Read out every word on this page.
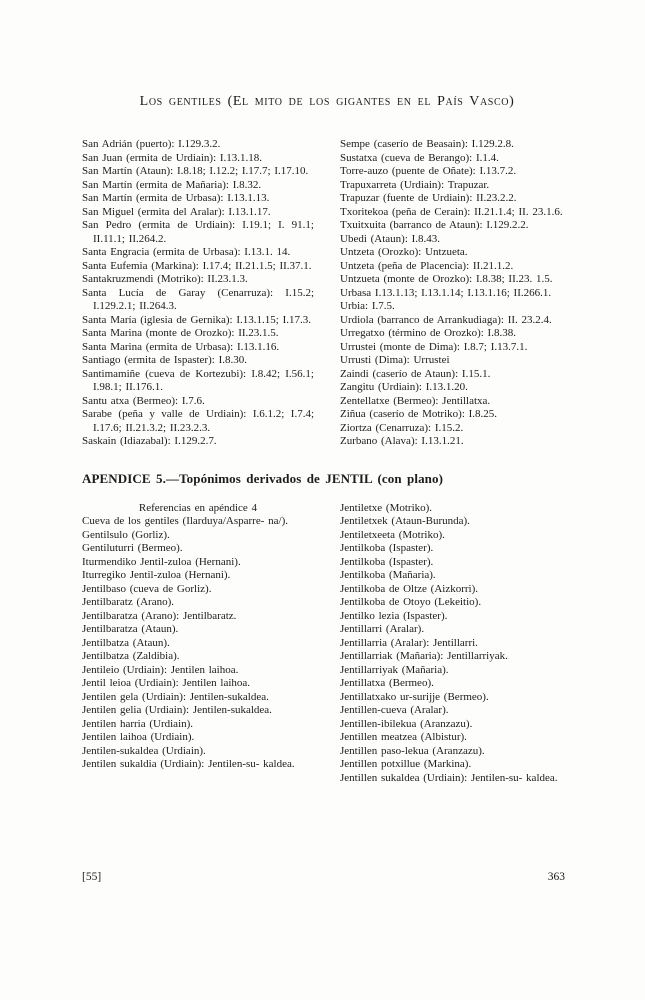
Los gentiles (El mito de los gigantes en el País Vasco)

San Adrián (puerto): I.129.3.2.

San Juan (ermita de Urdiain): I.13.1.18.

San Martín (Ataun): I.8.18; I.12.2; I.17.7; I.17.10.

San Martín (ermita de Mañaria): I.8.32.

San Martín (ermita de Urbasa): I.13.1.13.

San Miguel (ermita del Aralar): I.13.1.17.

San Pedro (ermita de Urdiain): I.19.1; I. 91.1; II.11.1; II.264.2.

Santa Engracia (ermita de Urbasa): I.13.1. 14.

Santa Eufemia (Markina): I.17.4; II.21.1.5; II.37.1.

Santakruzmendi (Motriko): II.23.1.3.

Santa Lucía de Garay (Cenarruza): I.15.2; I.129.2.1; II.264.3.

Santa María (iglesia de Gernika): I.13.1.15; I.17.3.

Santa Marina (monte de Orozko): II.23.1.5.

Santa Marina (ermita de Urbasa): I.13.1.16.

Santiago (ermita de Ispaster): I.8.30.

Santimamiñe (cueva de Kortezubi): I.8.42; I.56.1; I.98.1; II.176.1.

Santu atxa (Bermeo): I.7.6.

Sarabe (peña y valle de Urdiain): I.6.1.2; I.7.4; I.17.6; II.21.3.2; II.23.2.3.

Saskain (Idiazabal): I.129.2.7.

Sempe (caserío de Beasain): I.129.2.8.

Sustatxa (cueva de Berango): I.1.4.

Torre-auzo (puente de Oñate): I.13.7.2.

Trapuxarreta (Urdiain): Trapuzar.

Trapuzar (fuente de Urdiain): II.23.2.2.

Txoritekoa (peña de Cerain): II.21.1.4; II. 23.1.6.

Txuitxuita (barranco de Ataun): I.129.2.2.

Ubedi (Ataun): I.8.43.

Untzeta (Orozko): Untzueta.

Untzeta (peña de Placencia): II.21.1.2.

Untzueta (monte de Orozko): I.8.38; II.23. 1.5.

Urbasa I.13.1.13; I.13.1.14; I.13.1.16; II.266.1.

Urbia: I.7.5.

Urdiola (barranco de Arrankudiaga): II. 23.2.4.

Urregatxo (término de Orozko): I.8.38.

Urrustei (monte de Dima): I.8.7; I.13.7.1.

Urrusti (Dima): Urrustei

Zaindi (caserío de Ataun): I.15.1.

Zangitu (Urdiain): I.13.1.20.

Zentellatxe (Bermeo): Jentillatxa.

Ziñua (caserío de Motriko): I.8.25.

Ziortza (Cenarruza): I.15.2.

Zurbano (Alava): I.13.1.21.

APENDICE 5.—Topónimos derivados de JENTIL (con plano)

Referencias en apéndice 4

Cueva de los gentiles (Ilarduya/Asparre- na/).

Gentilsulo (Gorliz).

Gentiluturri (Bermeo).

Iturmendiko Jentil-zuloa (Hernani).

Iturregiko Jentil-zuloa (Hernani).

Jentilbaso (cueva de Gorliz).

Jentilbaratz (Arano).

Jentilbaratza (Arano): Jentilbaratz.

Jentilbaratza (Ataun).

Jentilbatza (Ataun).

Jentilbatza (Zaldibia).

Jentileio (Urdiain): Jentilen laihoa.

Jentil leioa (Urdiain): Jentilen laihoa.

Jentilen gela (Urdiain): Jentilen-sukaldea.

Jentilen gelia (Urdiain): Jentilen-sukaldea.

Jentilen harria (Urdiain).

Jentilen laihoa (Urdiain).

Jentilen-sukaldea (Urdiain).

Jentilen sukaldia (Urdiain): Jentilen-su- kaldea.

Jentiletxe (Motriko).

Jentiletxek (Ataun-Burunda).

Jentiletxeeta (Motriko).

Jentilkoba (Ispaster).

Jentilkoba (Ispaster).

Jentilkoba (Mañaria).

Jentilkoba de Oltze (Aizkorri).

Jentilkoba de Otoyo (Lekeitio).

Jentilko lezia (Ispaster).

Jentillarri (Aralar).

Jentillarria (Aralar): Jentillarri.

Jentillarriak (Mañaria): Jentillarriyak.

Jentillarriyak (Mañaria).

Jentillatxa (Bermeo).

Jentillatxako ur-surijje (Bermeo).

Jentillen-cueva (Aralar).

Jentillen-ibilekua (Aranzazu).

Jentillen meatzea (Albistur).

Jentillen paso-lekua (Aranzazu).

Jentillen potxillue (Markina).

Jentillen sukaldea (Urdiain): Jentilen-su- kaldea.

[55]	363
